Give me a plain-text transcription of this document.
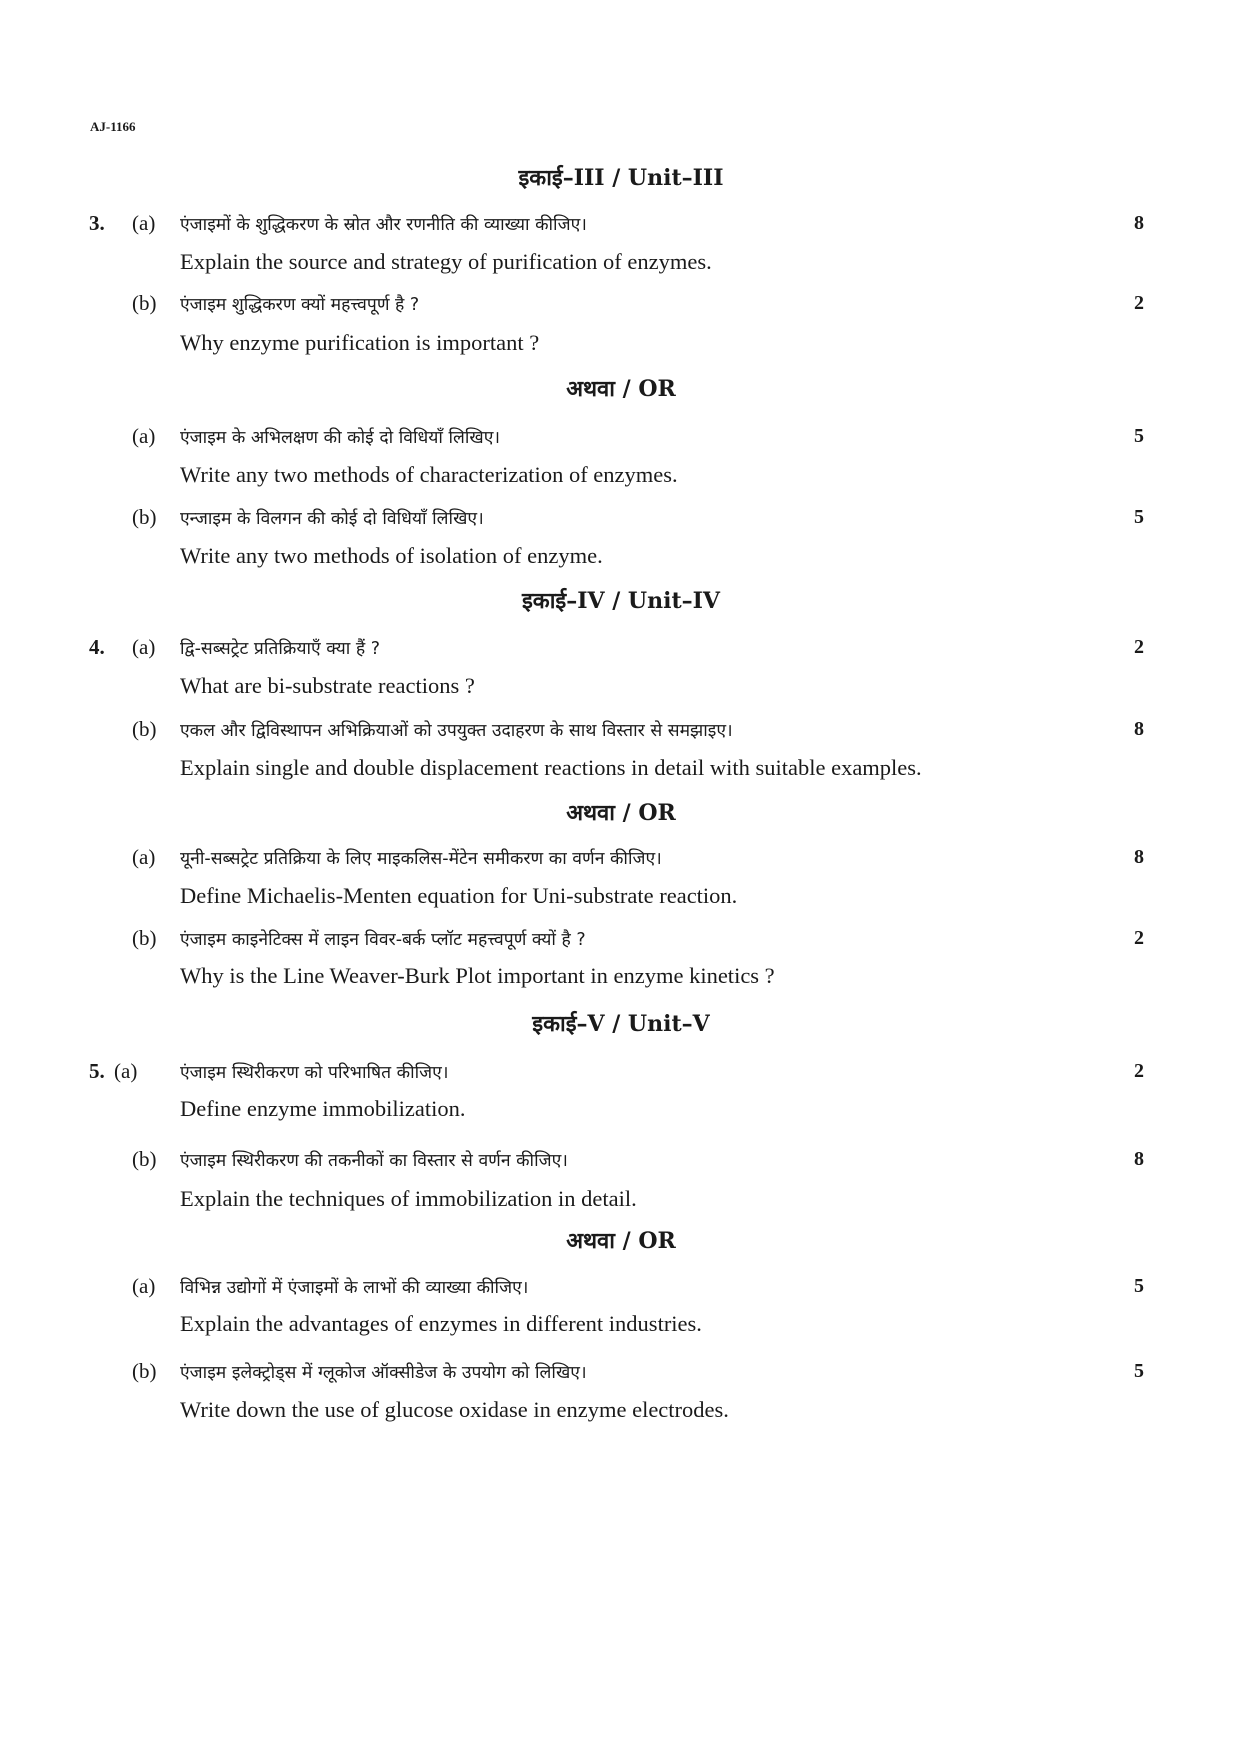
AJ-1166
इकाई–III / Unit–III
3. (a) एंजाइमों के शुद्धिकरण के स्रोत और रणनीति की व्याख्या कीजिए।	8
Explain the source and strategy of purification of enzymes.
(b) एंजाइम शुद्धिकरण क्यों महत्त्वपूर्ण है ?	2
Why enzyme purification is important ?
अथवा / OR
(a) एंजाइम के अभिलक्षण की कोई दो विधियाँ लिखिए।	5
Write any two methods of characterization of enzymes.
(b) एन्जाइम के विलगन की कोई दो विधियाँ लिखिए।	5
Write any two methods of isolation of enzyme.
इकाई–IV / Unit–IV
4. (a) द्वि-सब्सट्रेट प्रतिक्रियाएँ क्या हैं ?	2
What are bi-substrate reactions ?
(b) एकल और द्विविस्थापन अभिक्रियाओं को उपयुक्त उदाहरण के साथ विस्तार से समझाइए।	8
Explain single and double displacement reactions in detail with suitable examples.
अथवा / OR
(a) यूनी-सब्सट्रेट प्रतिक्रिया के लिए माइकलिस-मेंटेन समीकरण का वर्णन कीजिए।	8
Define Michaelis-Menten equation for Uni-substrate reaction.
(b) एंजाइम काइनेटिक्स में लाइन विवर-बर्क प्लॉट महत्त्वपूर्ण क्यों है ?	2
Why is the Line Weaver-Burk Plot important in enzyme kinetics ?
इकाई–V / Unit–V
5. (a) एंजाइम स्थिरीकरण को परिभाषित कीजिए।	2
Define enzyme immobilization.
(b) एंजाइम स्थिरीकरण की तकनीकों का विस्तार से वर्णन कीजिए।	8
Explain the techniques of immobilization in detail.
अथवा / OR
(a) विभिन्न उद्योगों में एंजाइमों के लाभों की व्याख्या कीजिए।	5
Explain the advantages of enzymes in different industries.
(b) एंजाइम इलेक्ट्रोड्स में ग्लूकोज ऑक्सीडेज के उपयोग को लिखिए।	5
Write down the use of glucose oxidase in enzyme electrodes.
